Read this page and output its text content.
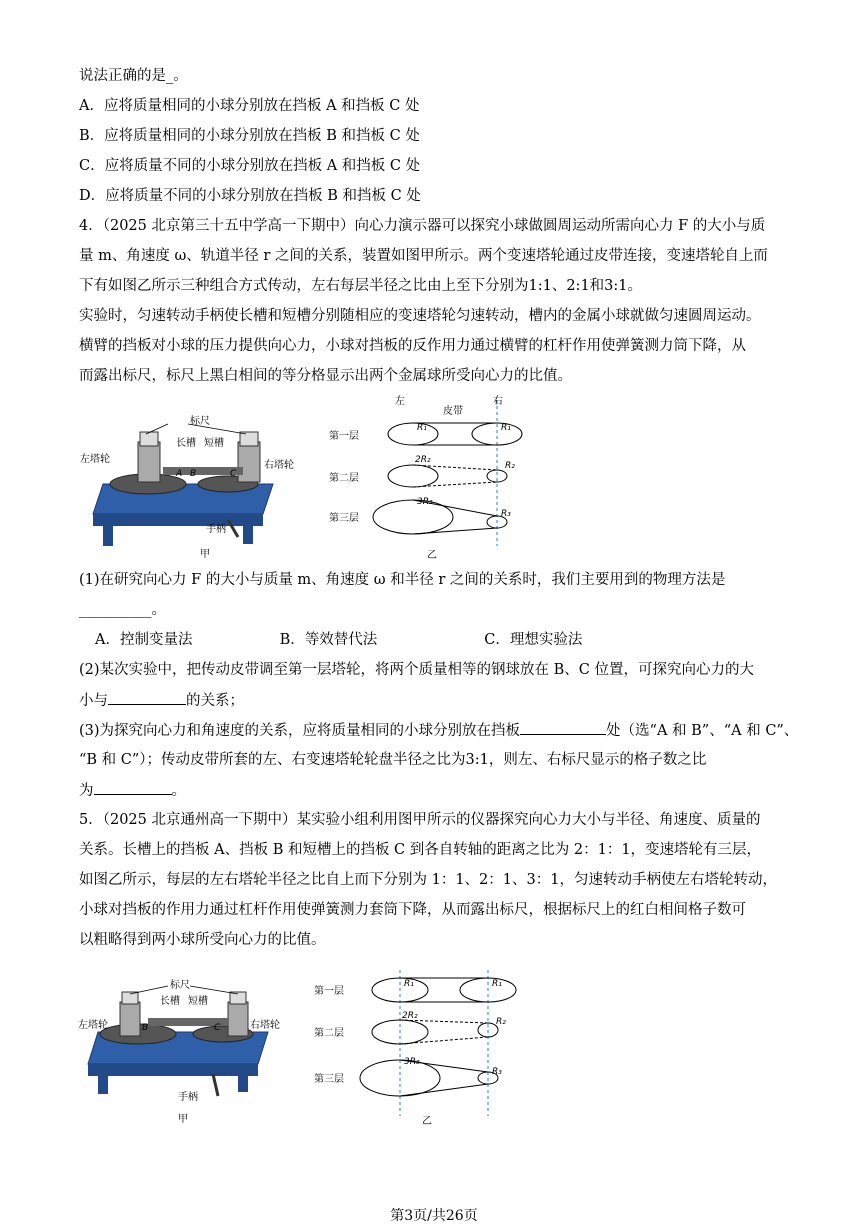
说法正确的是_。
A．应将质量相同的小球分别放在挡板 A 和挡板 C 处
B．应将质量相同的小球分别放在挡板 B 和挡板 C 处
C．应将质量不同的小球分别放在挡板 A 和挡板 C 处
D．应将质量不同的小球分别放在挡板 B 和挡板 C 处
4．（2025 北京第三十五中学高一下期中）向心力演示器可以探究小球做圆周运动所需向心力 F 的大小与质
量 m、角速度 ω、轨道半径 r 之间的关系，装置如图甲所示。两个变速塔轮通过皮带连接，变速塔轮自上而
下有如图乙所示三种组合方式传动，左右每层半径之比由上至下分别为1:1、2:1和3:1。
实验时，匀速转动手柄使长槽和短槽分别随相应的变速塔轮匀速转动，槽内的金属小球就做匀速圆周运动。
横臂的挡板对小球的压力提供向心力，小球对挡板的反作用力通过横臂的杠杆作用使弹簧测力筒下降，从
而露出标尺，标尺上黑白相间的等分格显示出两个金属球所受向心力的比值。
标尺
长槽 短槽
左塔轮
右塔轮
A B	C
手柄
甲
左
皮带
右
第一层
第二层
第三层
R₁	R₁
2R₂
R₂
3R₃
R₃
乙
(1)在研究向心力 F 的大小与质量 m、角速度 ω 和半径 r 之间的关系时，我们主要用到的物理方法是
__________。
A．控制变量法	B．等效替代法	C．理想实验法
(2)某次实验中，把传动皮带调至第一层塔轮，将两个质量相等的钢球放在 B、C 位置，可探究向心力的大
小与	的关系；
(3)为探究向心力和角速度的关系，应将质量相同的小球分别放在挡板	处（选“A 和 B”、“A 和 C”、
“B 和 C”）；传动皮带所套的左、右变速塔轮轮盘半径之比为3:1，则左、右标尺显示的格子数之比
为	。
5．（2025 北京通州高一下期中）某实验小组利用图甲所示的仪器探究向心力大小与半径、角速度、质量的
关系。长槽上的挡板 A、挡板 B 和短槽上的挡板 C 到各自转轴的距离之比为 2：1：1，变速塔轮有三层，
如图乙所示，每层的左右塔轮半径之比自上而下分别为 1：1、2：1、3：1，匀速转动手柄使左右塔轮转动，
小球对挡板的作用力通过杠杆作用使弹簧测力套筒下降，从而露出标尺，根据标尺上的红白相间格子数可
以粗略得到两小球所受向心力的比值。
标尺
长槽 短槽
左塔轮	右塔轮
B	C
手柄
甲
第一层
第二层
第三层
R₁	R₁
2R₂
R₂
3R₃
R₃
乙
第3页/共26页
